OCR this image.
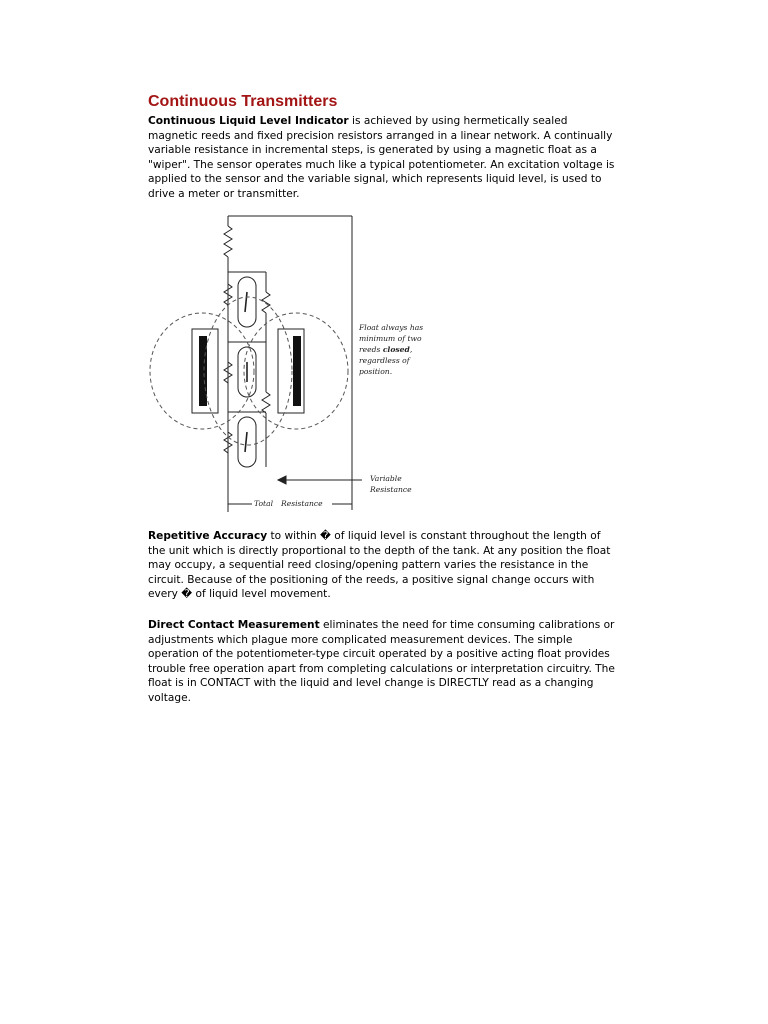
Continuous Transmitters

Continuous Liquid Level Indicator is achieved by using hermetically sealed magnetic reeds and fixed precision resistors arranged in a linear network. A continually variable resistance in incremental steps, is generated by using a magnetic float as a "wiper". The sensor operates much like a typical potentiometer. An excitation voltage is applied to the sensor and the variable signal, which represents liquid level, is used to drive a meter or transmitter.

Float always has
minimum of two
reeds closed,
regardless of
position.
Variable
Resistance
Total Resistance

Repetitive Accuracy to within � of liquid level is constant throughout the length of the unit which is directly proportional to the depth of the tank. At any position the float may occupy, a sequential reed closing/opening pattern varies the resistance in the circuit. Because of the positioning of the reeds, a positive signal change occurs with every � of liquid level movement.

Direct Contact Measurement eliminates the need for time consuming calibrations or adjustments which plague more complicated measurement devices. The simple operation of the potentiometer-type circuit operated by a positive acting float provides trouble free operation apart from completing calculations or interpretation circuitry. The float is in CONTACT with the liquid and level change is DIRECTLY read as a changing voltage.
